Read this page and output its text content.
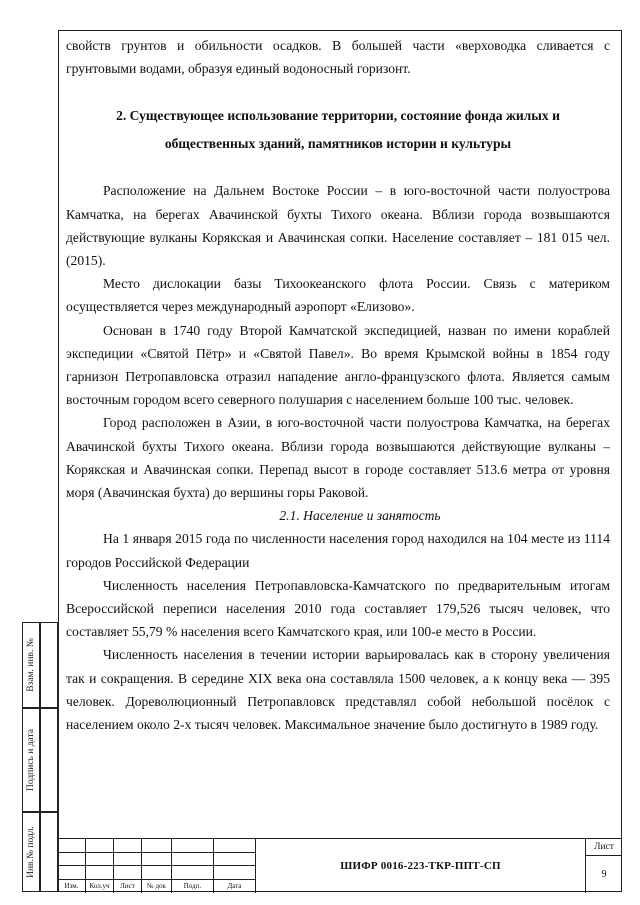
свойств грунтов и обильности осадков. В большей части «верховодка сливается с грунтовыми водами, образуя единый водоносный горизонт.

2. Существующее использование территории, состояние фонда жилых и
общественных зданий, памятников истории и культуры

Расположение на Дальнем Востоке России – в юго-восточной части полуострова Камчатка, на берегах Авачинской бухты Тихого океана. Вблизи города возвышаются действующие вулканы Корякская и Авачинская сопки. Население составляет – 181 015 чел. (2015).

Место дислокации базы Тихоокеанского флота России. Связь с материком осуществляется через международный аэропорт «Елизово».

Основан в 1740 году Второй Камчатской экспедицией, назван по имени кораблей экспедиции «Святой Пётр» и «Святой Павел». Во время Крымской войны в 1854 году гарнизон Петропавловска отразил нападение англо-французского флота. Является самым восточным городом всего северного полушария с населением больше 100 тыс. человек.

Город расположен в Азии, в юго-восточной части полуострова Камчатка, на берегах Авачинской бухты Тихого океана. Вблизи города возвышаются действующие вулканы – Корякская и Авачинская сопки. Перепад высот в городе составляет 513.6 метра от уровня моря (Авачинская бухта) до вершины горы Раковой.

2.1. Население и занятость

На 1 января 2015 года по численности населения город находился на 104 месте из 1114 городов Российской Федерации

Численность населения Петропавловска-Камчатского по предварительным итогам Всероссийской переписи населения 2010 года составляет 179,526 тысяч человек, что составляет 55,79 % населения всего Камчатского края, или 100-е место в России.

Численность населения в течении истории варьировалась как в сторону увеличения так и сокращения. В середине XIX века она составляла 1500 человек, а к концу века — 395 человек. Дореволюционный Петропавловск представлял собой небольшой посёлок с населением около 2-х тысяч человек. Максимальное значение было достигнуто в 1989 году.

Взам. инв. №
Подпись и дата
Инв.№ подл.
Изм.	Кол.уч	Лист	№ док	Подп.	Дата
ШИФР 0016-223-ТКР-ППТ-СП
Лист
9
